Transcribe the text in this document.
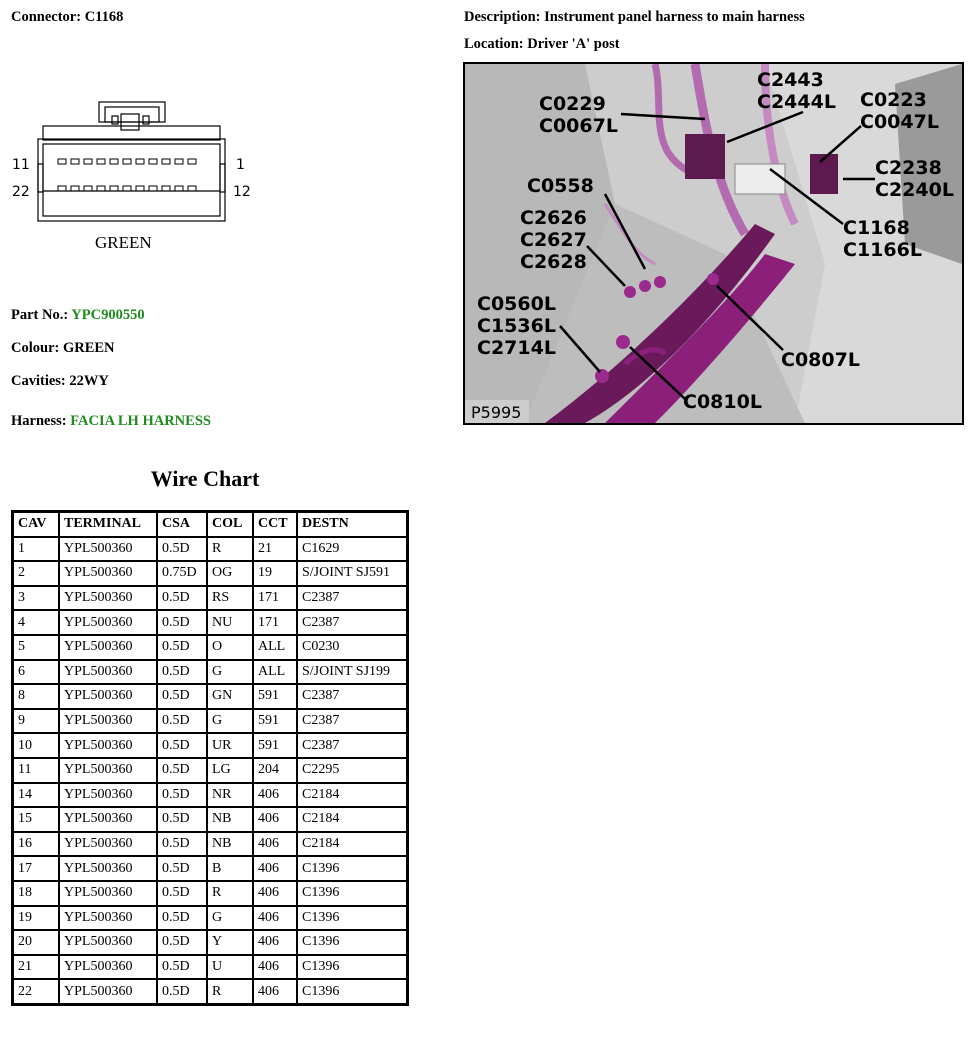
Connector: C1168	Description: Instrument panel harness to main harness
Location: Driver 'A' post
11	1
22	12
GREEN
Part No.: YPC900550
Colour: GREEN
Cavities: 22WY
Harness: FACIA LH HARNESS
C2443 C2444L
C0229 C0067L
C0223 C0047L
C2238 C2240L
C0558
C2626 C2627 C2628
C1168 C1166L
C0560L C1536L C2714L
C0807L
C0810L
P5995
Wire Chart
CAV	TERMINAL	CSA	COL	CCT	DESTN
1	YPL500360	0.5D	R	21	C1629
2	YPL500360	0.75D	OG	19	S/JOINT SJ591
3	YPL500360	0.5D	RS	171	C2387
4	YPL500360	0.5D	NU	171	C2387
5	YPL500360	0.5D	O	ALL	C0230
6	YPL500360	0.5D	G	ALL	S/JOINT SJ199
8	YPL500360	0.5D	GN	591	C2387
9	YPL500360	0.5D	G	591	C2387
10	YPL500360	0.5D	UR	591	C2387
11	YPL500360	0.5D	LG	204	C2295
14	YPL500360	0.5D	NR	406	C2184
15	YPL500360	0.5D	NB	406	C2184
16	YPL500360	0.5D	NB	406	C2184
17	YPL500360	0.5D	B	406	C1396
18	YPL500360	0.5D	R	406	C1396
19	YPL500360	0.5D	G	406	C1396
20	YPL500360	0.5D	Y	406	C1396
21	YPL500360	0.5D	U	406	C1396
22	YPL500360	0.5D	R	406	C1396
